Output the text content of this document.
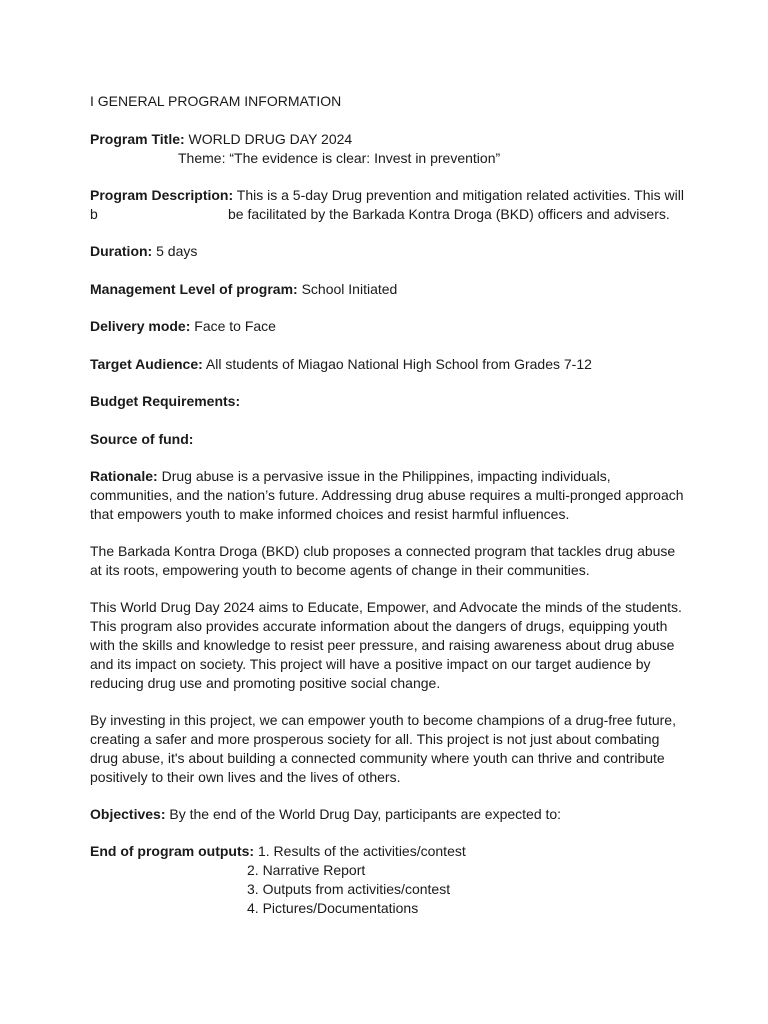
I GENERAL PROGRAM INFORMATION
Program Title: WORLD DRUG DAY 2024
Theme: “The evidence is clear: Invest in prevention”
Program Description: This is a 5-day Drug prevention and mitigation related activities. This will
b	be facilitated by the Barkada Kontra Droga (BKD) officers and advisers.
Duration: 5 days
Management Level of program: School Initiated
Delivery mode: Face to Face
Target Audience: All students of Miagao National High School from Grades 7-12
Budget Requirements:
Source of fund:
Rationale: Drug abuse is a pervasive issue in the Philippines, impacting individuals,
communities, and the nation’s future. Addressing drug abuse requires a multi-pronged approach
that empowers youth to make informed choices and resist harmful influences.
The Barkada Kontra Droga (BKD) club proposes a connected program that tackles drug abuse
at its roots, empowering youth to become agents of change in their communities.
This World Drug Day 2024 aims to Educate, Empower, and Advocate the minds of the students.
This program also provides accurate information about the dangers of drugs, equipping youth
with the skills and knowledge to resist peer pressure, and raising awareness about drug abuse
and its impact on society. This project will have a positive impact on our target audience by
reducing drug use and promoting positive social change.
By investing in this project, we can empower youth to become champions of a drug-free future,
creating a safer and more prosperous society for all. This project is not just about combating
drug abuse, it's about building a connected community where youth can thrive and contribute
positively to their own lives and the lives of others.
Objectives: By the end of the World Drug Day, participants are expected to:
End of program outputs: 1. Results of the activities/contest
2. Narrative Report
3. Outputs from activities/contest
4. Pictures/Documentations
